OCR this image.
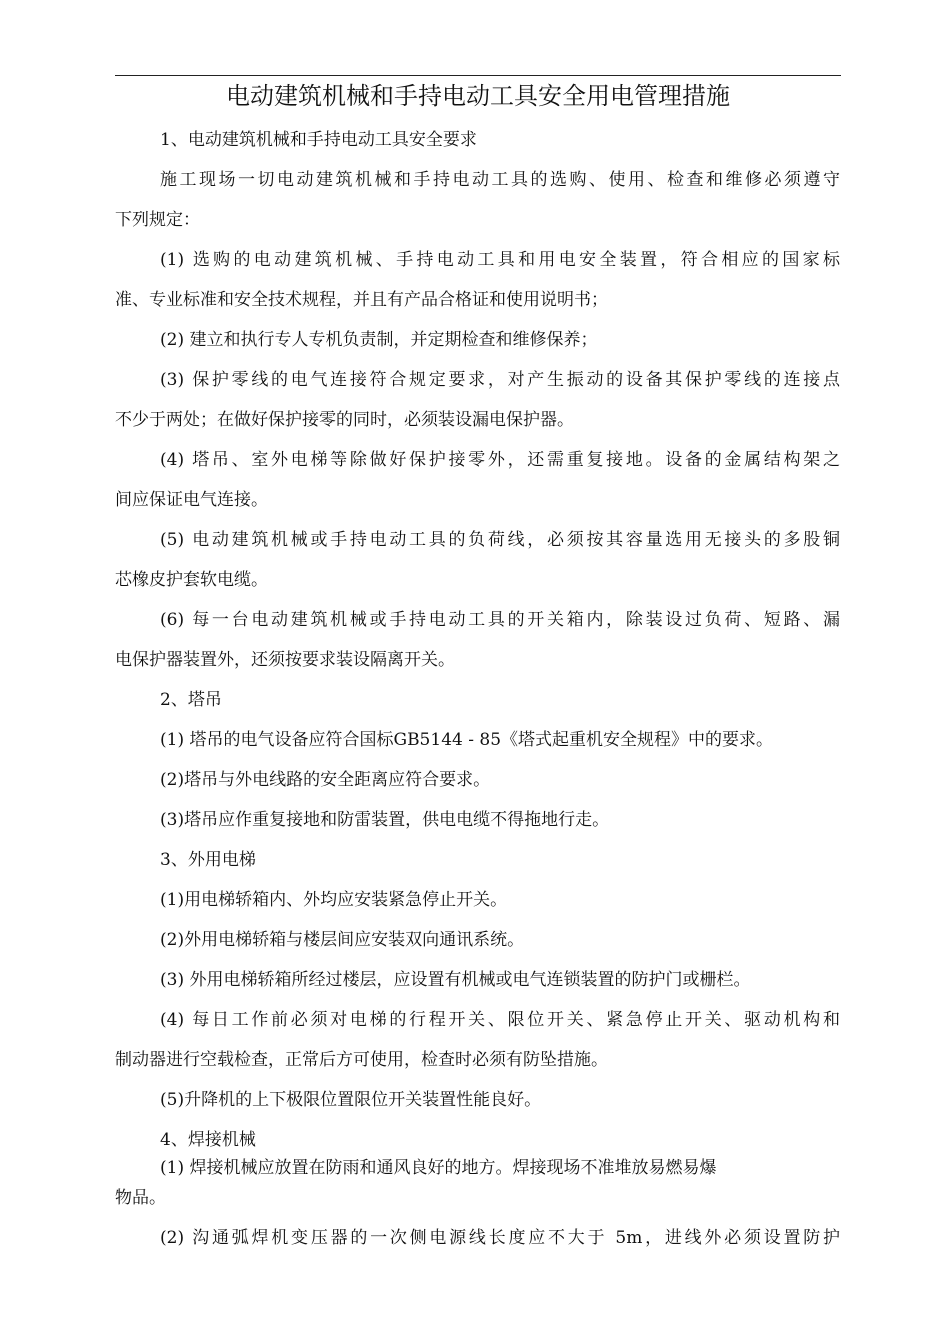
电动建筑机械和手持电动工具安全用电管理措施
1、电动建筑机械和手持电动工具安全要求
施工现场一切电动建筑机械和手持电动工具的选购、使用、检查和维修必须遵守
下列规定：
(1) 选购的电动建筑机械、手持电动工具和用电安全装置，符合相应的国家标
准、专业标准和安全技术规程，并且有产品合格证和使用说明书；
(2) 建立和执行专人专机负责制，并定期检查和维修保养；
(3) 保护零线的电气连接符合规定要求，对产生振动的设备其保护零线的连接点
不少于两处；在做好保护接零的同时，必须装设漏电保护器。
(4) 塔吊、室外电梯等除做好保护接零外，还需重复接地。设备的金属结构架之
间应保证电气连接。
(5) 电动建筑机械或手持电动工具的负荷线，必须按其容量选用无接头的多股铜
芯橡皮护套软电缆。
(6) 每一台电动建筑机械或手持电动工具的开关箱内，除装设过负荷、短路、漏
电保护器装置外，还须按要求装设隔离开关。
2、塔吊
(1) 塔吊的电气设备应符合国标GB5144 - 85《塔式起重机安全规程》中的要求。
(2)塔吊与外电线路的安全距离应符合要求。
(3)塔吊应作重复接地和防雷装置，供电电缆不得拖地行走。
3、外用电梯
(1)用电梯轿箱内、外均应安装紧急停止开关。
(2)外用电梯轿箱与楼层间应安装双向通讯系统。
(3) 外用电梯轿箱所经过楼层，应设置有机械或电气连锁装置的防护门或栅栏。
(4) 每日工作前必须对电梯的行程开关、限位开关、紧急停止开关、驱动机构和
制动器进行空载检查，正常后方可使用，检查时必须有防坠措施。
(5)升降机的上下极限位置限位开关装置性能良好。
4、焊接机械
(1) 焊接机械应放置在防雨和通风良好的地方。焊接现场不准堆放易燃易爆
物品。
(2) 沟通弧焊机变压器的一次侧电源线长度应不大于 5m，进线外必须设置防护
